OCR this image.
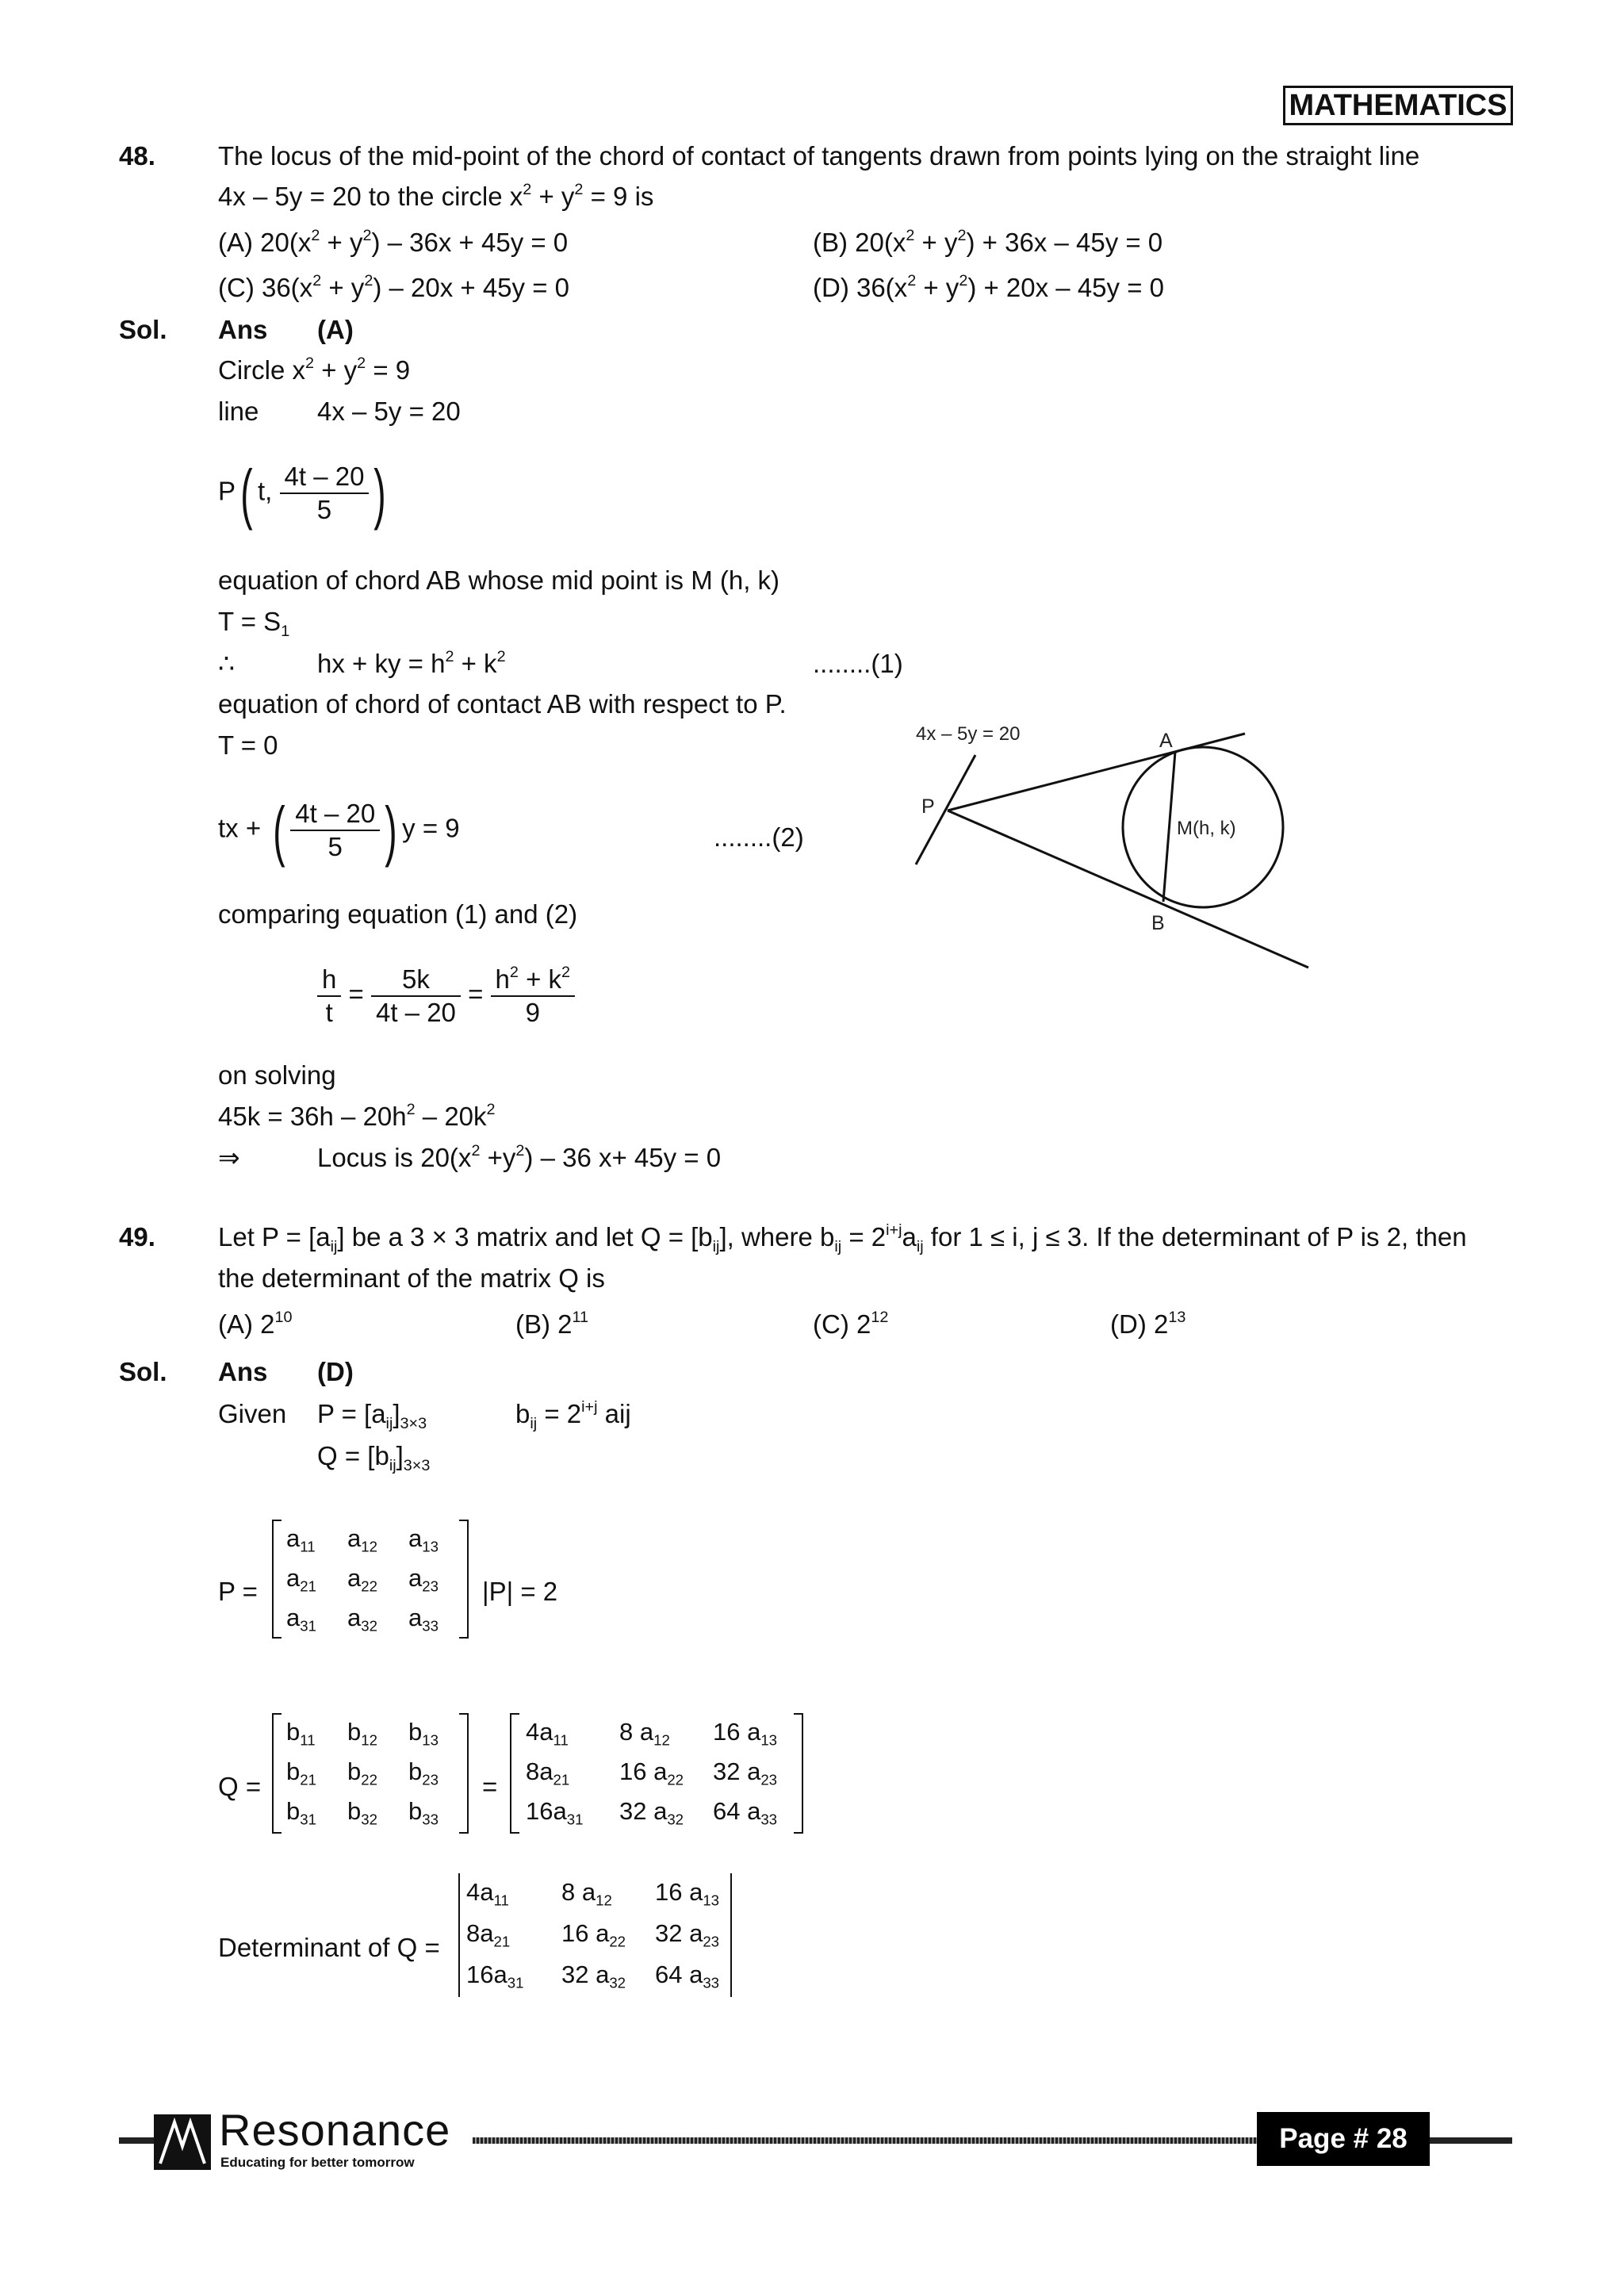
MATHEMATICS
48. The locus of the mid-point of the chord of contact of tangents drawn from points lying on the straight line
4x – 5y = 20 to the circle $x^2 + y^2 = 9$ is
(A) $20(x^2 + y^2) - 36x + 45y = 0$	(B) $20(x^2 + y^2) + 36x - 45y = 0$
(C) $36(x^2 + y^2) - 20x + 45y = 0$	(D) $36(x^2 + y^2) + 20x - 45y = 0$
Sol. Ans (A)
Circle $x^2 + y^2 = 9$
line 4x – 5y = 20
P( t, $\frac{4t - 20}{5}$ )
equation of chord AB whose mid point is M (h, k)
$T = S_1$
∴	hx + ky = $h^2 + k^2$	........(1)
equation of chord of contact AB with respect to P.
T = 0
tx + ( $\frac{4t - 20}{5}$ ) y = 9	........(2)
comparing equation (1) and (2)
$\frac{h}{t} = \frac{5k}{4t - 20} = \frac{h^2 + k^2}{9}$
on solving
$45k = 36h - 20h^2 - 20k^2$
⇒	Locus is $20(x^2 +y^2) - 36$ x+ 45y = 0
4x – 5y = 20	A
P
B
M(h, k)
49. Let $P = [a_{ij}]$ be a 3 × 3 matrix and let $Q = [b_{ij}]$, where $b_{ij} = 2^{i+j}a_{ij}$ for 1 ≤ i, j ≤ 3. If the determinant of P is 2, then
the determinant of the matrix Q is
(A) $2^{10}$	(B) $2^{11}$	(C) $2^{12}$	(D) $2^{13}$
Sol. Ans (D)
Given $P = [a_{ij}]_{3\times 3}$	$b_{ij} = 2^{i+j}$ aij
$Q = [b_{ij}]_{3\times 3}$
P =
$a_{11}$ $a_{12}$ $a_{13}$
$a_{21}$ $a_{22}$ $a_{23}$
$a_{31}$ $a_{32}$ $a_{33}$
|P| = 2
Q =
$b_{11}$ $b_{12}$ $b_{13}$
$b_{21}$ $b_{22}$ $b_{23}$
$b_{31}$ $b_{32}$ $b_{33}$
=
$4a_{11}$ 8 $a_{12}$ 16 $a_{13}$
$8a_{21}$ 16 $a_{22}$ 32 $a_{23}$
$16a_{31}$ 32 $a_{32}$ 64 $a_{33}$
Determinant of Q =
$4a_{11}$ 8 $a_{12}$ 16 $a_{13}$
$8a_{21}$ 16 $a_{22}$ 32 $a_{23}$
$16a_{31}$ 32 $a_{32}$ 64 $a_{33}$
Resonance
Educating for better tomorrow
Page # 28
